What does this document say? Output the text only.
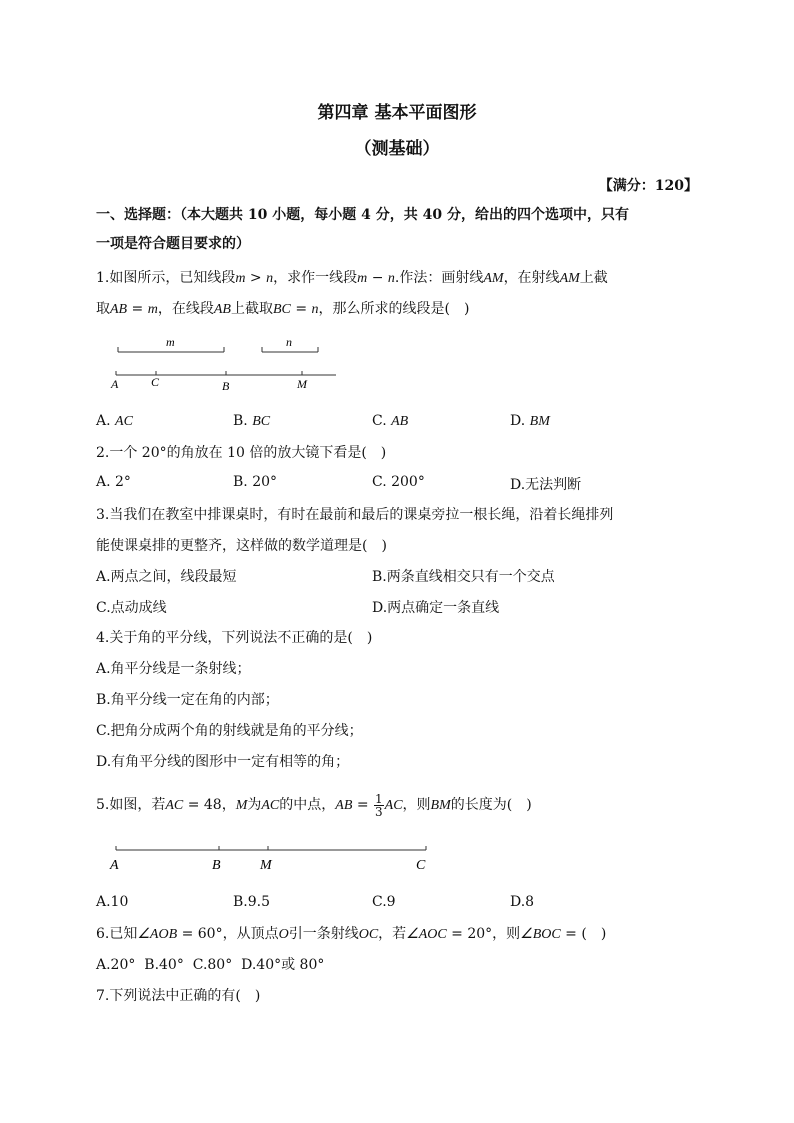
第四章 基本平面图形
（测基础）
【满分：120】
一、选择题：（本大题共 10 小题，每小题 4 分，共 40 分，给出的四个选项中，只有
一项是符合题目要求的）
1.如图所示，已知线段m > n，求作一线段m − n.作法：画射线AM，在射线AM上截
取AB = m，在线段AB上截取BC = n，那么所求的线段是(　)
m	n
A	C	B	M
A. AC	B. BC	C. AB	D. BM
2.一个 20°的角放在 10 倍的放大镜下看是(　)
A. 2°	B. 20°	C. 200°	D.无法判断
3.当我们在教室中排课桌时，有时在最前和最后的课桌旁拉一根长绳，沿着长绳排列
能使课桌排的更整齐，这样做的数学道理是(　)
A.两点之间，线段最短	B.两条直线相交只有一个交点
C.点动成线	D.两点确定一条直线
4.关于角的平分线，下列说法不正确的是(　)
A.角平分线是一条射线；
B.角平分线一定在角的内部；
C.把角分成两个角的射线就是角的平分线；
D.有角平分线的图形中一定有相等的角；
5.如图，若AC = 48，M为AC的中点，AB = $\frac{1}{3}$ AC，则BM的长度为(　)
A	B	M	C
A.10	B.9.5	C.9	D.8
6.已知∠AOB = 60°，从顶点O引一条射线OC，若∠AOC = 20°，则∠BOC = (　)
A.20°  B.40°  C.80°  D.40°或 80°
7.下列说法中正确的有(　)
